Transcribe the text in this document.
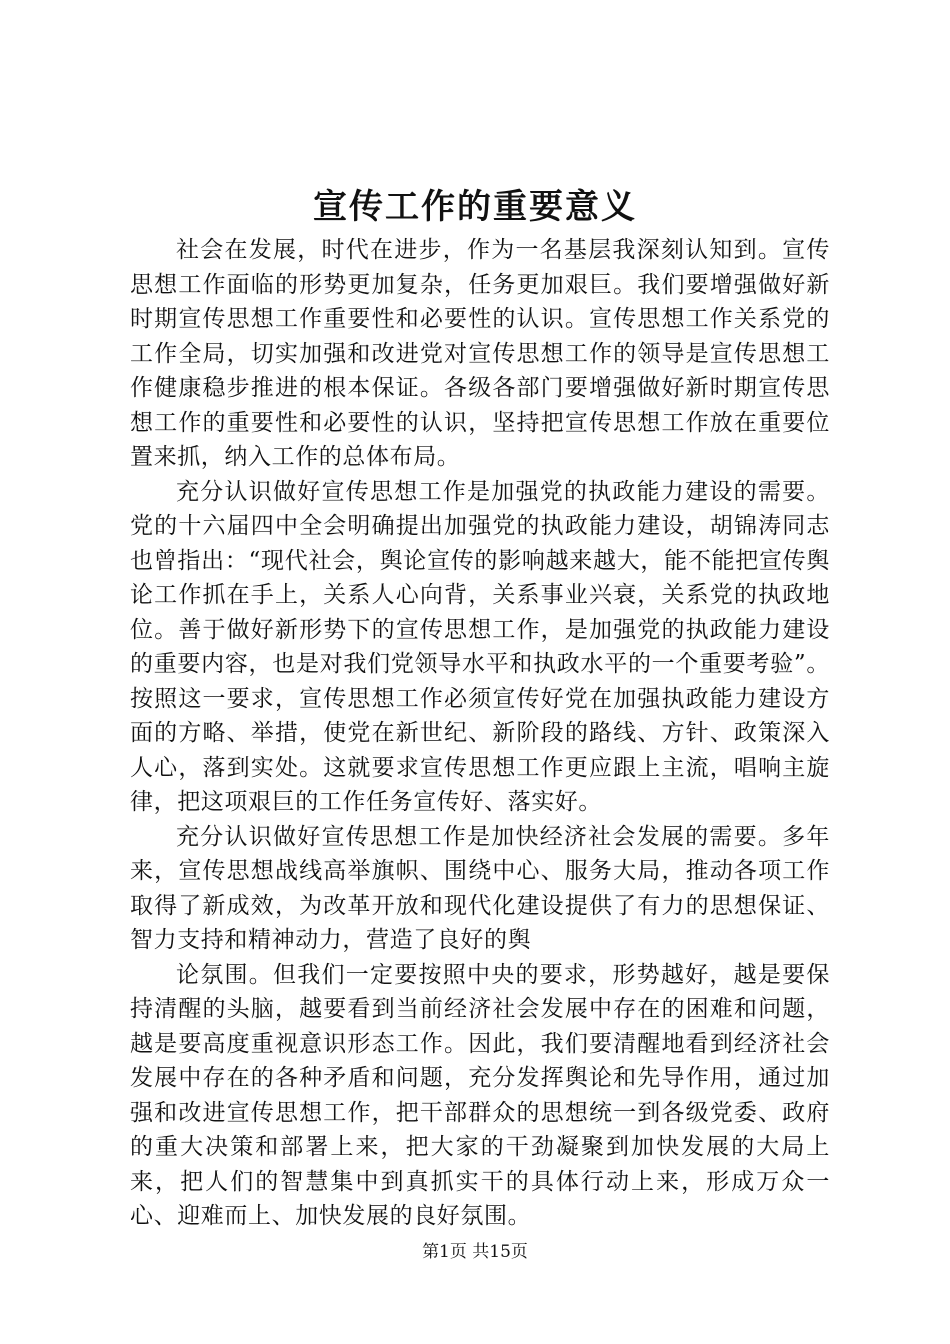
宣传工作的重要意义

社会在发展，时代在进步，作为一名基层我深刻认知到。宣传思想工作面临的形势更加复杂，任务更加艰巨。我们要增强做好新时期宣传思想工作重要性和必要性的认识。宣传思想工作关系党的工作全局，切实加强和改进党对宣传思想工作的领导是宣传思想工作健康稳步推进的根本保证。各级各部门要增强做好新时期宣传思想工作的重要性和必要性的认识，坚持把宣传思想工作放在重要位置来抓，纳入工作的总体布局。

充分认识做好宣传思想工作是加强党的执政能力建设的需要。党的十六届四中全会明确提出加强党的执政能力建设，胡锦涛同志也曾指出：“现代社会，舆论宣传的影响越来越大，能不能把宣传舆论工作抓在手上，关系人心向背，关系事业兴衰，关系党的执政地位。善于做好新形势下的宣传思想工作，是加强党的执政能力建设的重要内容，也是对我们党领导水平和执政水平的一个重要考验”。按照这一要求，宣传思想工作必须宣传好党在加强执政能力建设方面的方略、举措，使党在新世纪、新阶段的路线、方针、政策深入人心，落到实处。这就要求宣传思想工作更应跟上主流，唱响主旋律，把这项艰巨的工作任务宣传好、落实好。

充分认识做好宣传思想工作是加快经济社会发展的需要。多年来，宣传思想战线高举旗帜、围绕中心、服务大局，推动各项工作取得了新成效，为改革开放和现代化建设提供了有力的思想保证、智力支持和精神动力，营造了良好的舆

论氛围。但我们一定要按照中央的要求，形势越好，越是要保持清醒的头脑，越要看到当前经济社会发展中存在的困难和问题，越是要高度重视意识形态工作。因此，我们要清醒地看到经济社会发展中存在的各种矛盾和问题，充分发挥舆论和先导作用，通过加强和改进宣传思想工作，把干部群众的思想统一到各级党委、政府的重大决策和部署上来，把大家的干劲凝聚到加快发展的大局上来，把人们的智慧集中到真抓实干的具体行动上来，形成万众一心、迎难而上、加快发展的良好氛围。

第1页 共15页
